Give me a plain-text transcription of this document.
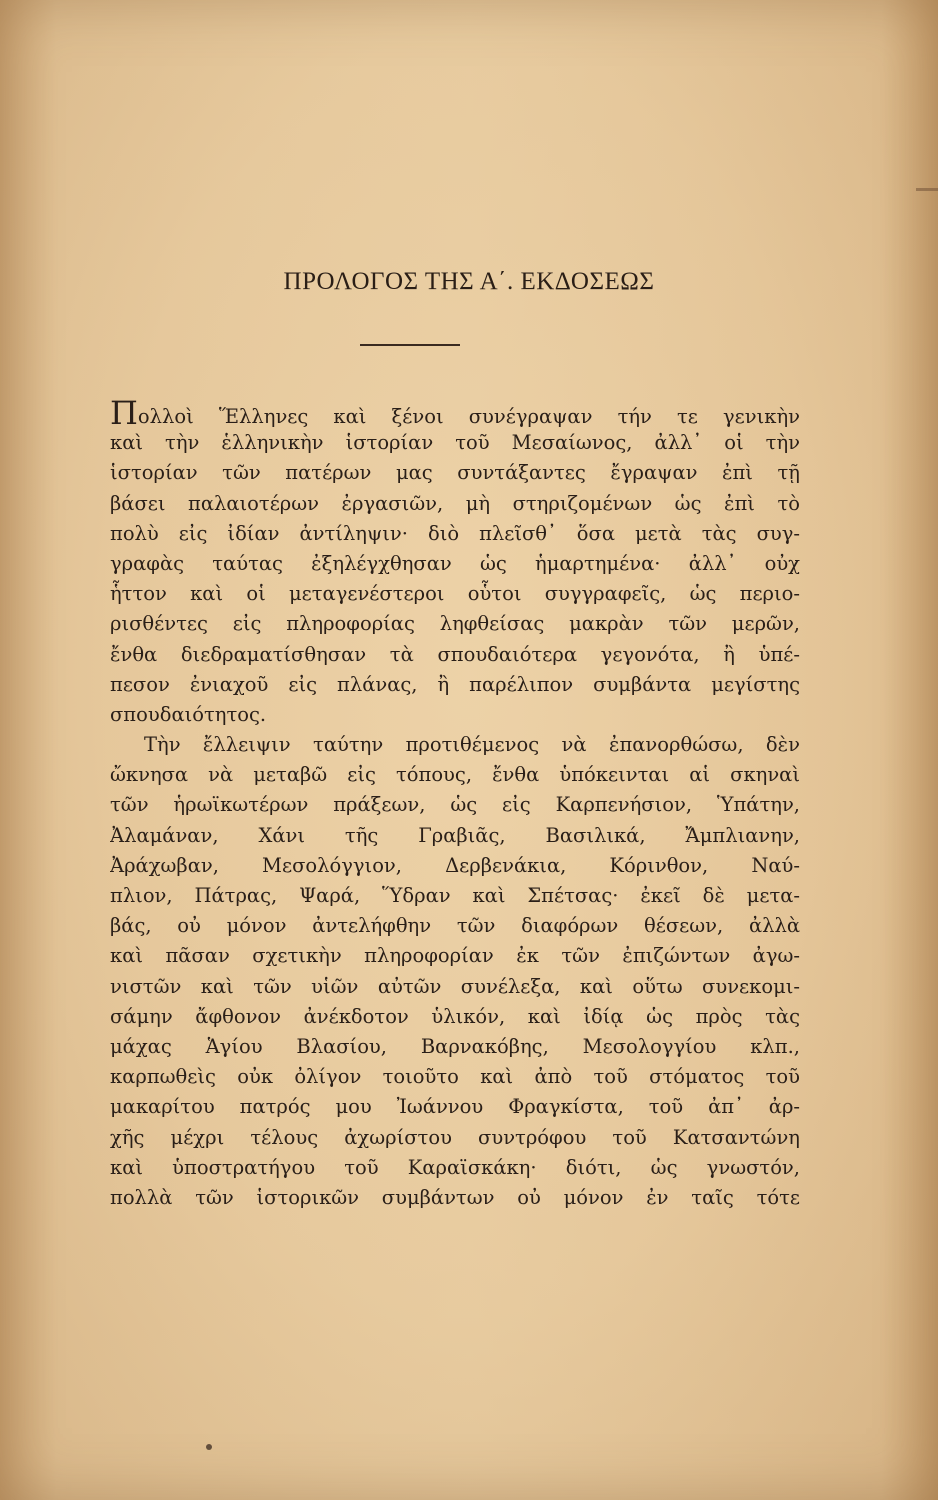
ΠΡΟΛΟΓΟΣ ΤΗΣ Α΄. ΕΚΔΟΣΕΩΣ
Πολλοὶ Ἕλληνες καὶ ξένοι συνέγραψαν τήν τε γενικὴν
καὶ τὴν ἑλληνικὴν ἱστορίαν τοῦ Μεσαίωνος, ἀλλ᾿ οἱ τὴν
ἱστορίαν τῶν πατέρων μας συντάξαντες ἔγραψαν ἐπὶ τῇ
βάσει παλαιοτέρων ἐργασιῶν, μὴ στηριζομένων ὡς ἐπὶ τὸ
πολὺ εἰς ἰδίαν ἀντίληψιν· διὸ πλεῖσθ᾿ ὅσα μετὰ τὰς συγ-
γραφὰς ταύτας ἐξηλέγχθησαν ὡς ἡμαρτημένα· ἀλλ᾿ οὐχ
ἧττον καὶ οἱ μεταγενέστεροι οὗτοι συγγραφεῖς, ὡς περιο-
ρισθέντες εἰς πληροφορίας ληφθείσας μακρὰν τῶν μερῶν,
ἔνθα διεδραματίσθησαν τὰ σπουδαιότερα γεγονότα, ἢ ὑπέ-
πεσον ἐνιαχοῦ εἰς πλάνας, ἢ παρέλιπον συμβάντα μεγίστης
σπουδαιότητος.
Τὴν ἔλλειψιν ταύτην προτιθέμενος νὰ ἐπανορθώσω, δὲν
ὤκνησα νὰ μεταβῶ εἰς τόπους, ἔνθα ὑπόκεινται αἱ σκηναὶ
τῶν ἡρωϊκωτέρων πράξεων, ὡς εἰς Καρπενήσιον, Ὑπάτην,
Ἀλαμάναν, Χάνι τῆς Γραβιᾶς, Βασιλικά, Ἄμπλιανην,
Ἀράχωβαν, Μεσολόγγιον, Δερβενάκια, Κόρινθον, Ναύ-
πλιον, Πάτρας, Ψαρά, Ὕδραν καὶ Σπέτσας· ἐκεῖ δὲ μετα-
βάς, οὐ μόνον ἀντελήφθην τῶν διαφόρων θέσεων, ἀλλὰ
καὶ πᾶσαν σχετικὴν πληροφορίαν ἐκ τῶν ἐπιζώντων ἀγω-
νιστῶν καὶ τῶν υἱῶν αὐτῶν συνέλεξα, καὶ οὕτω συνεκομι-
σάμην ἄφθονον ἀνέκδοτον ὑλικόν, καὶ ἰδίᾳ ὡς πρὸς τὰς
μάχας Ἁγίου Βλασίου, Βαρνακόβης, Μεσολογγίου κλπ.,
καρπωθεὶς οὐκ ὀλίγον τοιοῦτο καὶ ἀπὸ τοῦ στόματος τοῦ
μακαρίτου πατρός μου Ἰωάννου Φραγκίστα, τοῦ ἀπ᾿ ἀρ-
χῆς μέχρι τέλους ἀχωρίστου συντρόφου τοῦ Κατσαντώνη
καὶ ὑποστρατήγου τοῦ Καραϊσκάκη· διότι, ὡς γνωστόν,
πολλὰ τῶν ἱστορικῶν συμβάντων οὐ μόνον ἐν ταῖς τότε
